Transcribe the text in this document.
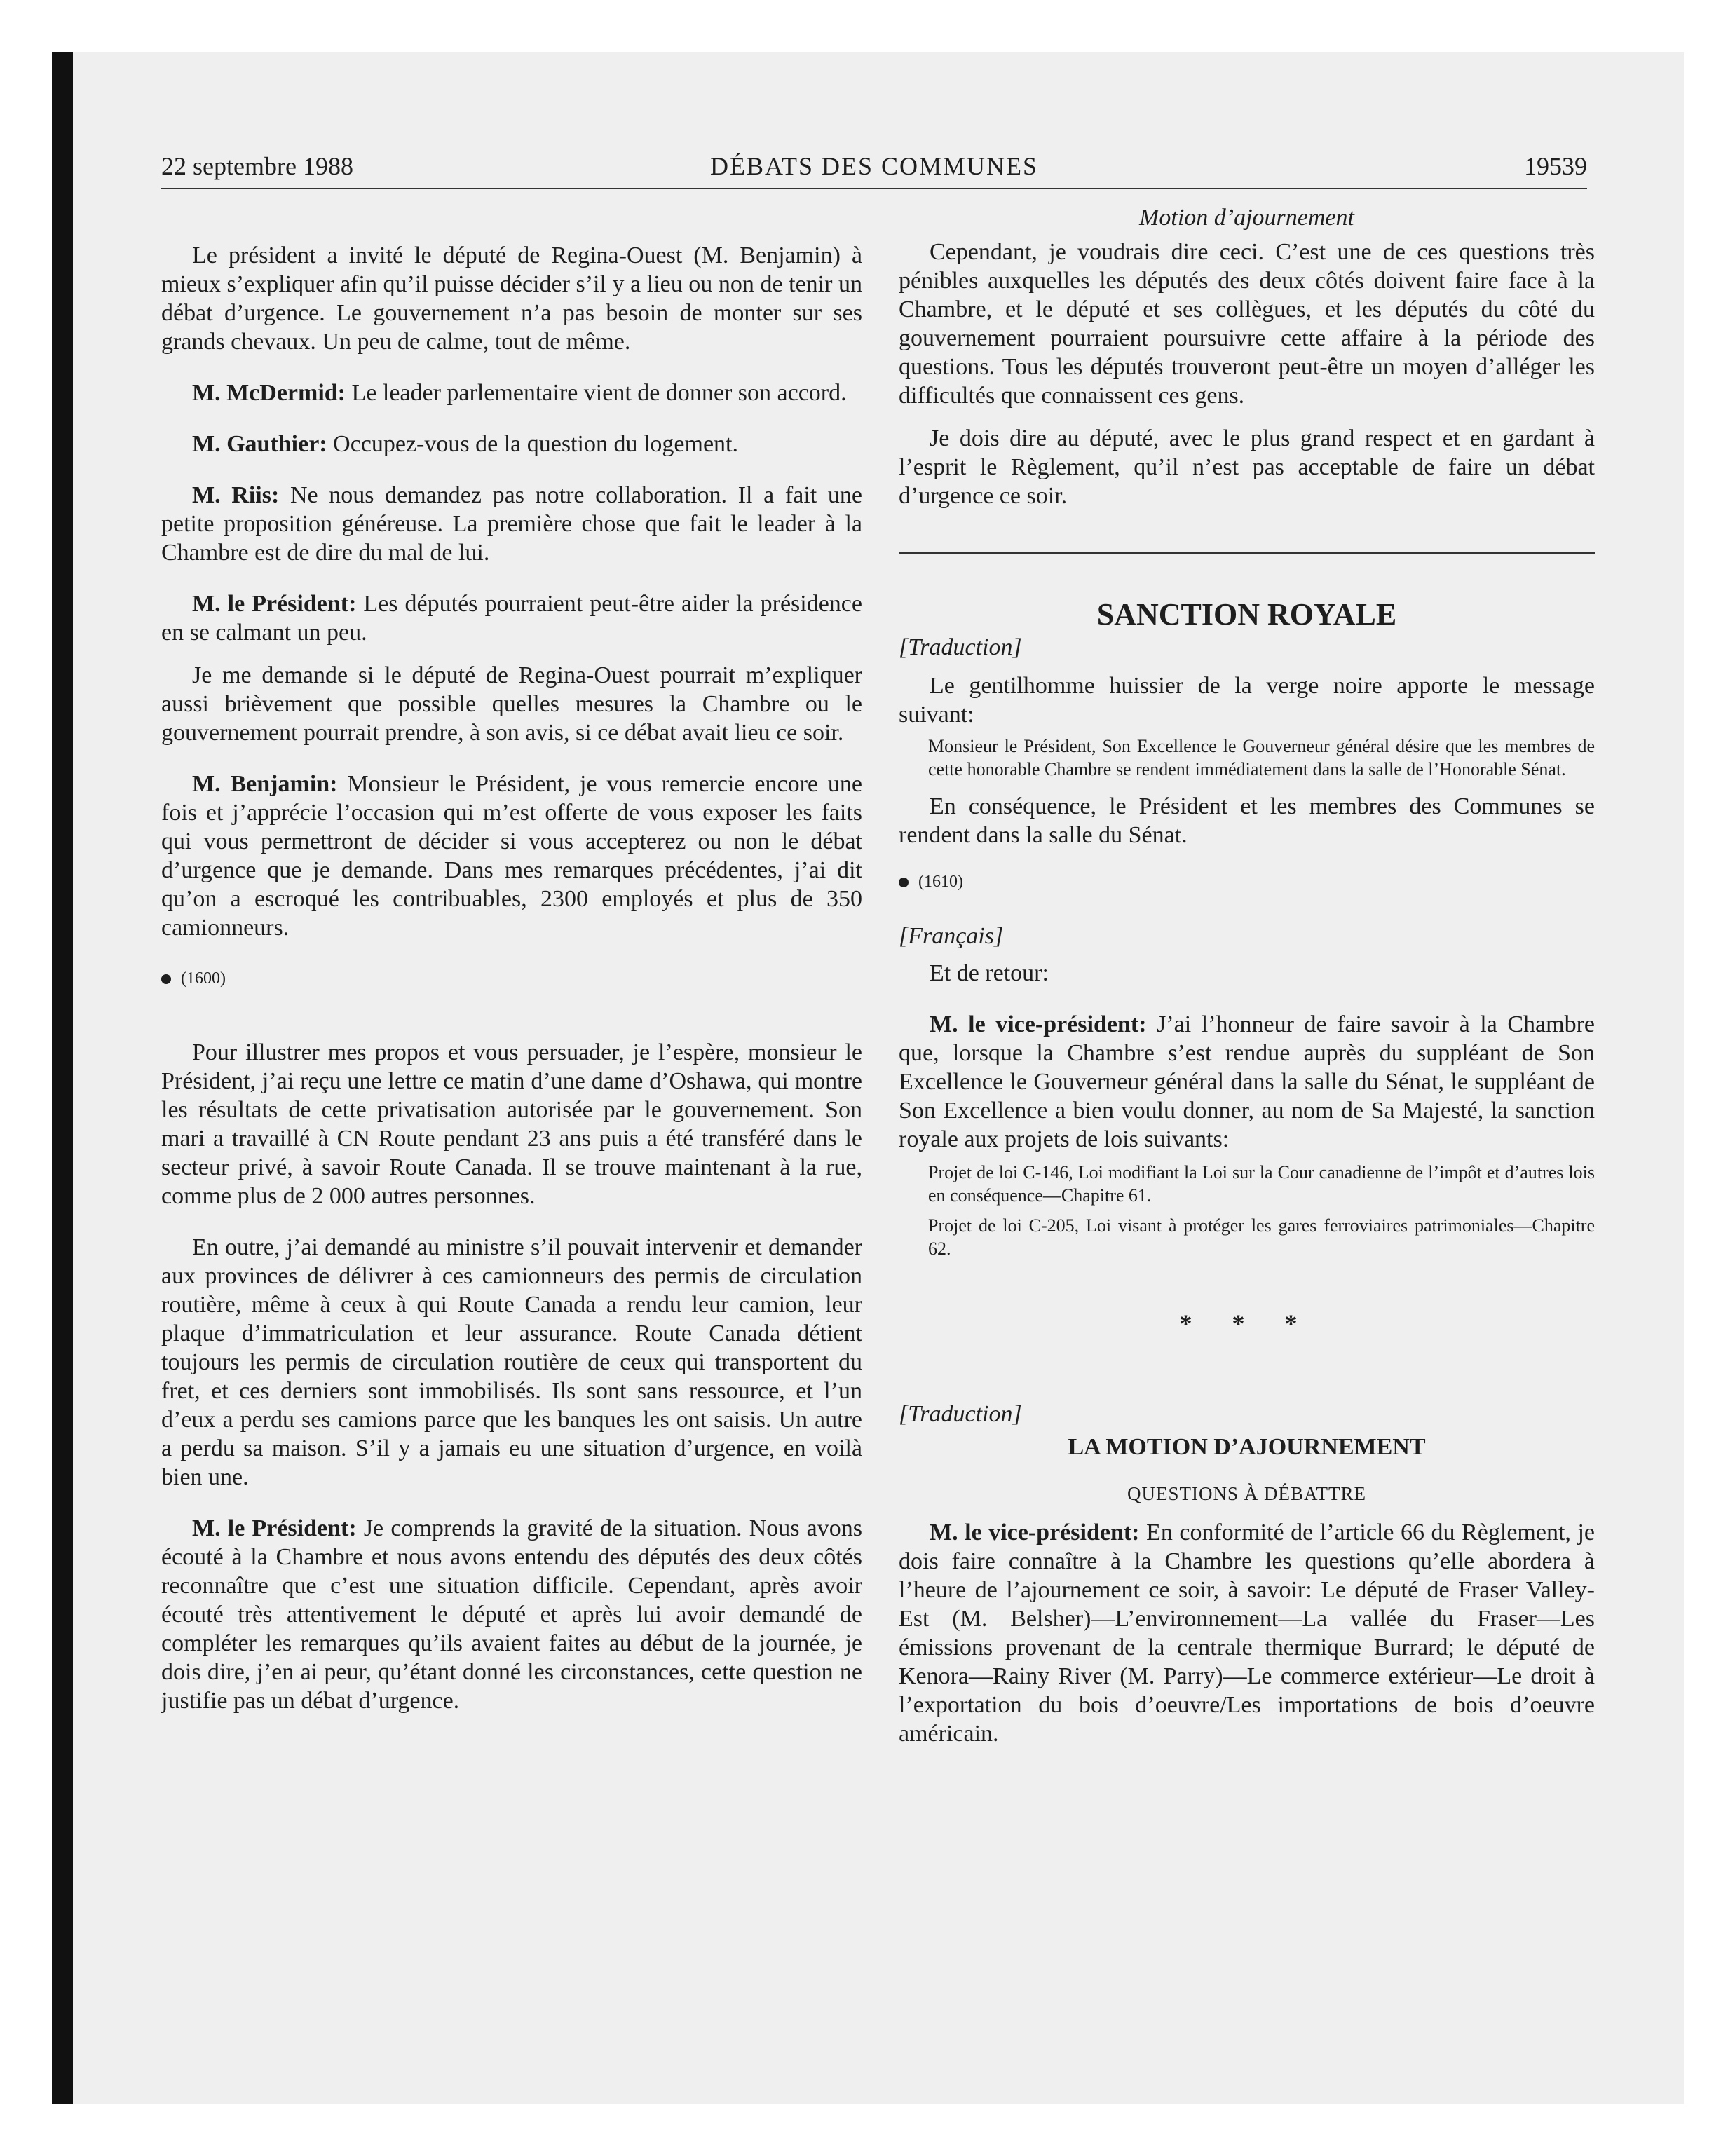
22 septembre 1988	DÉBATS DES COMMUNES	19539

Le président a invité le député de Regina-Ouest (M. Benjamin) à mieux s’expliquer afin qu’il puisse décider s’il y a lieu ou non de tenir un débat d’urgence. Le gouvernement n’a pas besoin de monter sur ses grands chevaux. Un peu de calme, tout de même.

M. McDermid: Le leader parlementaire vient de donner son accord.

M. Gauthier: Occupez-vous de la question du logement.

M. Riis: Ne nous demandez pas notre collaboration. Il a fait une petite proposition généreuse. La première chose que fait le leader à la Chambre est de dire du mal de lui.

M. le Président: Les députés pourraient peut-être aider la présidence en se calmant un peu.

Je me demande si le député de Regina-Ouest pourrait m’expliquer aussi brièvement que possible quelles mesures la Chambre ou le gouvernement pourrait prendre, à son avis, si ce débat avait lieu ce soir.

M. Benjamin: Monsieur le Président, je vous remercie encore une fois et j’apprécie l’occasion qui m’est offerte de vous exposer les faits qui vous permettront de décider si vous accepterez ou non le débat d’urgence que je demande. Dans mes remarques précédentes, j’ai dit qu’on a escroqué les contribuables, 2300 employés et plus de 350 camionneurs.

(1600)

Pour illustrer mes propos et vous persuader, je l’espère, monsieur le Président, j’ai reçu une lettre ce matin d’une dame d’Oshawa, qui montre les résultats de cette privatisation autorisée par le gouvernement. Son mari a travaillé à CN Route pendant 23 ans puis a été transféré dans le secteur privé, à savoir Route Canada. Il se trouve maintenant à la rue, comme plus de 2 000 autres personnes.

En outre, j’ai demandé au ministre s’il pouvait intervenir et demander aux provinces de délivrer à ces camionneurs des permis de circulation routière, même à ceux à qui Route Canada a rendu leur camion, leur plaque d’immatriculation et leur assurance. Route Canada détient toujours les permis de circulation routière de ceux qui transportent du fret, et ces derniers sont immobilisés. Ils sont sans ressource, et l’un d’eux a perdu ses camions parce que les banques les ont saisis. Un autre a perdu sa maison. S’il y a jamais eu une situation d’urgence, en voilà bien une.

M. le Président: Je comprends la gravité de la situation. Nous avons écouté à la Chambre et nous avons entendu des députés des deux côtés reconnaître que c’est une situation difficile. Cependant, après avoir écouté très attentivement le député et après lui avoir demandé de compléter les remarques qu’ils avaient faites au début de la journée, je dois dire, j’en ai peur, qu’étant donné les circonstances, cette question ne justifie pas un débat d’urgence.

Motion d’ajournement

Cependant, je voudrais dire ceci. C’est une de ces questions très pénibles auxquelles les députés des deux côtés doivent faire face à la Chambre, et le député et ses collègues, et les députés du côté du gouvernement pourraient poursuivre cette affaire à la période des questions. Tous les députés trouveront peut-être un moyen d’alléger les difficultés que connaissent ces gens.

Je dois dire au député, avec le plus grand respect et en gardant à l’esprit le Règlement, qu’il n’est pas acceptable de faire un débat d’urgence ce soir.

SANCTION ROYALE

[Traduction]

Le gentilhomme huissier de la verge noire apporte le message suivant:

Monsieur le Président, Son Excellence le Gouverneur général désire que les membres de cette honorable Chambre se rendent immédiatement dans la salle de l’Honorable Sénat.

En conséquence, le Président et les membres des Communes se rendent dans la salle du Sénat.

(1610)

[Français]

Et de retour:

M. le vice-président: J’ai l’honneur de faire savoir à la Chambre que, lorsque la Chambre s’est rendue auprès du suppléant de Son Excellence le Gouverneur général dans la salle du Sénat, le suppléant de Son Excellence a bien voulu donner, au nom de Sa Majesté, la sanction royale aux projets de lois suivants:

Projet de loi C-146, Loi modifiant la Loi sur la Cour canadienne de l’impôt et d’autres lois en conséquence—Chapitre 61.

Projet de loi C-205, Loi visant à protéger les gares ferroviaires patrimoniales—Chapitre 62.

* * *

[Traduction]

LA MOTION D’AJOURNEMENT

QUESTIONS À DÉBATTRE

M. le vice-président: En conformité de l’article 66 du Règlement, je dois faire connaître à la Chambre les questions qu’elle abordera à l’heure de l’ajournement ce soir, à savoir: Le député de Fraser Valley-Est (M. Belsher)—L’environnement—La vallée du Fraser—Les émissions provenant de la centrale thermique Burrard; le député de Kenora—Rainy River (M. Parry)—Le commerce extérieur—Le droit à l’exportation du bois d’oeuvre/Les importations de bois d’oeuvre américain.
